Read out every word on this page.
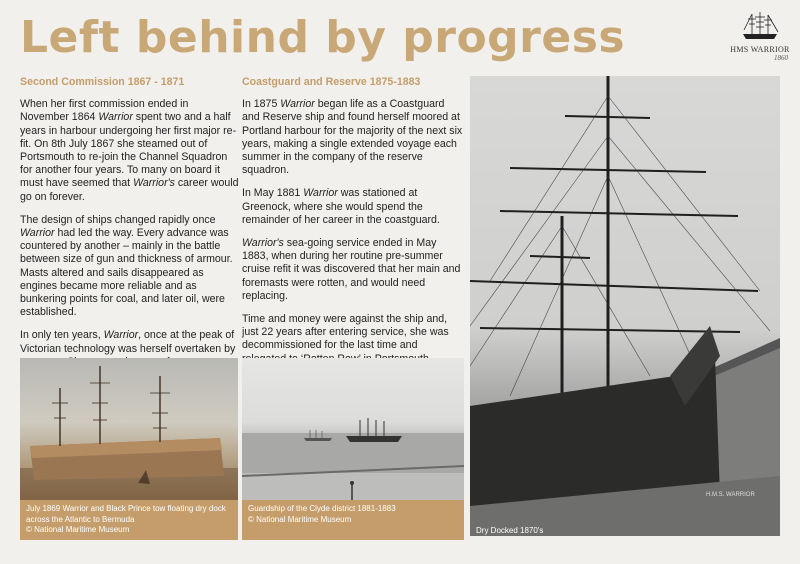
Left behind by progress	HMS WARRIOR
1860
Second Commission 1867 - 1871

When her first commission ended in November 1864 Warrior spent two and a half years in harbour undergoing her first major re-fit. On 8th July 1867 she steamed out of Portsmouth to re-join the Channel Squadron for another four years. To many on board it must have seemed that Warrior's career would go on forever.

The design of ships changed rapidly once Warrior had led the way. Every advance was countered by another – mainly in the battle between size of gun and thickness of armour. Masts altered and sails disappeared as engines became more reliable and as bunkering points for coal, and later oil, were established.

In only ten years, Warrior, once at the peak of Victorian technology was herself overtaken by

Coastguard and Reserve 1875-1883

In 1875 Warrior began life as a Coastguard and Reserve ship and found herself moored at Portland harbour for the majority of the next six years, making a single extended voyage each summer in the company of the reserve squadron.

In May 1881 Warrior was stationed at Greenock, where she would spend the remainder of her career in the coastguard.

Warrior's sea-going service ended in May 1883, when during her routine pre-summer cruise refit it was discovered that her main and foremasts were rotten, and would need replacing.

Time and money were against the ship and, just 22 years after entering service, she was decommissioned for the last time and

July 1869 Warrior and Black Prince tow floating dry dock across the Atlantic to Bermuda
© National Maritime Museum
Guardship of the Clyde district 1881-1883
© National Maritime Museum
H.M.S. WARRIOR
Dry Docked 1870's
